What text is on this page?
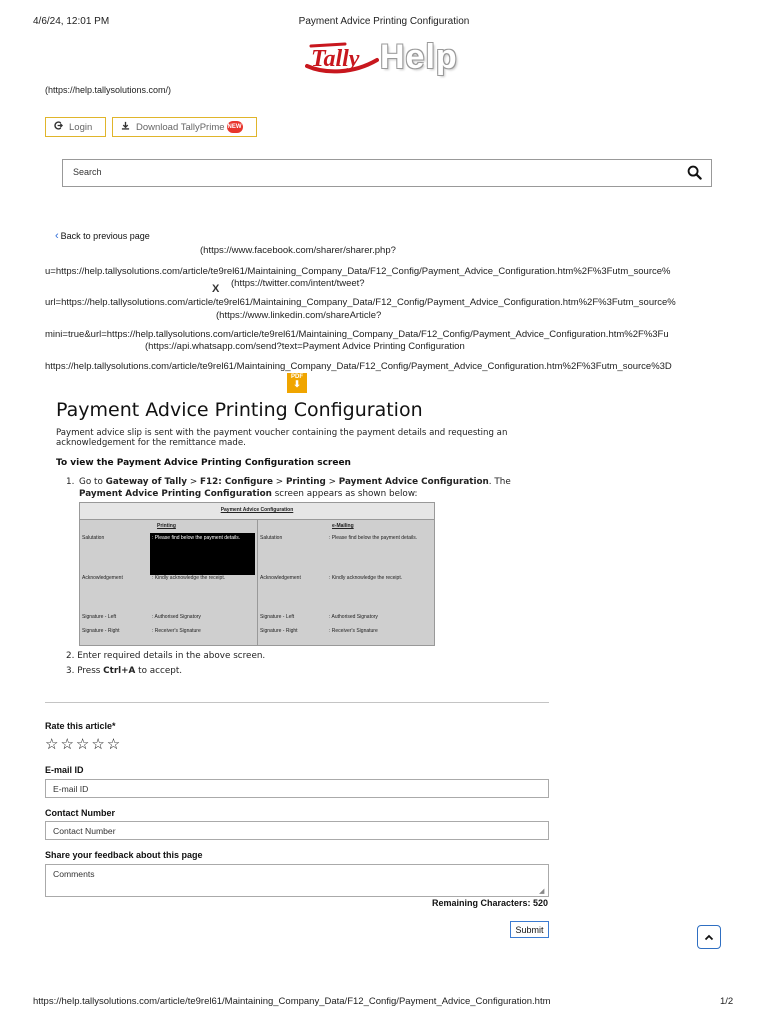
4/6/24, 12:01 PM	Payment Advice Printing Configuration
Tally Help
(https://help.tallysolutions.com/)
Login	Download TallyPrime NEW
Search
‹ Back to previous page
(https://www.facebook.com/sharer/sharer.php?
u=https://help.tallysolutions.com/article/te9rel61/Maintaining_Company_Data/F12_Config/Payment_Advice_Configuration.htm%2F%3Futm_source%
X (https://twitter.com/intent/tweet?
url=https://help.tallysolutions.com/article/te9rel61/Maintaining_Company_Data/F12_Config/Payment_Advice_Configuration.htm%2F%3Futm_source%
(https://www.linkedin.com/shareArticle?
mini=true&url=https://help.tallysolutions.com/article/te9rel61/Maintaining_Company_Data/F12_Config/Payment_Advice_Configuration.htm%2F%3Fu
(https://api.whatsapp.com/send?text=Payment Advice Printing Configuration
https://help.tallysolutions.com/article/te9rel61/Maintaining_Company_Data/F12_Config/Payment_Advice_Configuration.htm%2F%3Futm_source%3D
PDF
⬇
Payment Advice Printing Configuration
Payment advice slip is sent with the payment voucher containing the payment details and requesting an acknowledgement for the remittance made.
To view the Payment Advice Printing Configuration screen
1. Go to Gateway of Tally > F12: Configure > Printing > Payment Advice Configuration. The
Payment Advice Printing Configuration screen appears as shown below:
Payment Advice Configuration
Printing	e-Mailing
Salutation	: Please find below the payment details.	Salutation	: Please find below the payment details.
Acknowledgement	: Kindly acknowledge the receipt.	Acknowledgement	: Kindly acknowledge the receipt.
Signature - Left	: Authorised Signatory	Signature - Left	: Authorised Signatory
Signature - Right	: Receiver's Signature	Signature - Right	: Receiver's Signature
2. Enter required details in the above screen.
3. Press Ctrl+A to accept.
Rate this article*
☆☆☆☆☆
E-mail ID
E-mail ID
Contact Number
Contact Number
Share your feedback about this page
Comments
◢
Remaining Characters: 520
Submit
https://help.tallysolutions.com/article/te9rel61/Maintaining_Company_Data/F12_Config/Payment_Advice_Configuration.htm	1/2
